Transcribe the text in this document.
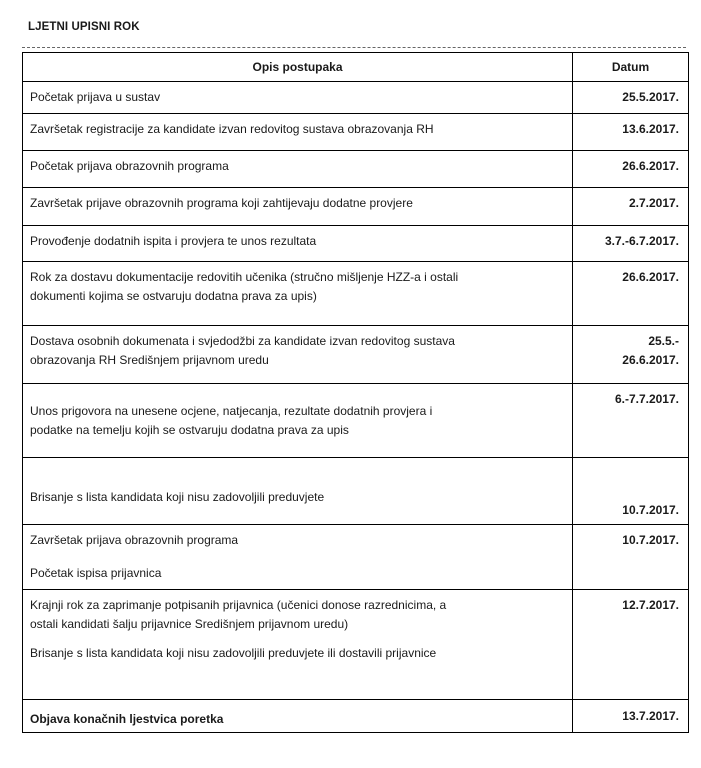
LJETNI UPISNI ROK
Opis postupaka	Datum

Početak prijava u sustav	25.5.2017.

Završetak registracije za kandidate izvan redovitog sustava obrazovanja RH	13.6.2017.

Početak prijava obrazovnih programa	26.6.2017.

Završetak prijave obrazovnih programa koji zahtijevaju dodatne provjere	2.7.2017.

Provođenje dodatnih ispita i provjera te unos rezultata	3.7.-6.7.2017.

Rok za dostavu dokumentacije redovitih učenika (stručno mišljenje HZZ-a i ostali
dokumenti kojima se ostvaruju dodatna prava za upis)	26.6.2017.

Dostava osobnih dokumenata i svjedodžbi za kandidate izvan redovitog sustava
obrazovanja RH Središnjem prijavnom uredu	25.5.-
26.6.2017.

Unos prigovora na unesene ocjene, natjecanja, rezultate dodatnih provjera i
podatke na temelju kojih se ostvaruju dodatna prava za upis	6.-7.7.2017.

Brisanje s lista kandidata koji nisu zadovoljili preduvjete	10.7.2017.

Završetak prijava obrazovnih programa
Početak ispisa prijavnica	10.7.2017.

Krajnji rok za zaprimanje potpisanih prijavnica (učenici donose razrednicima, a
ostali kandidati šalju prijavnice Središnjem prijavnom uredu)
Brisanje s lista kandidata koji nisu zadovoljili preduvjete ili dostavili prijavnice	12.7.2017.

Objava konačnih ljestvica poretka	13.7.2017.
